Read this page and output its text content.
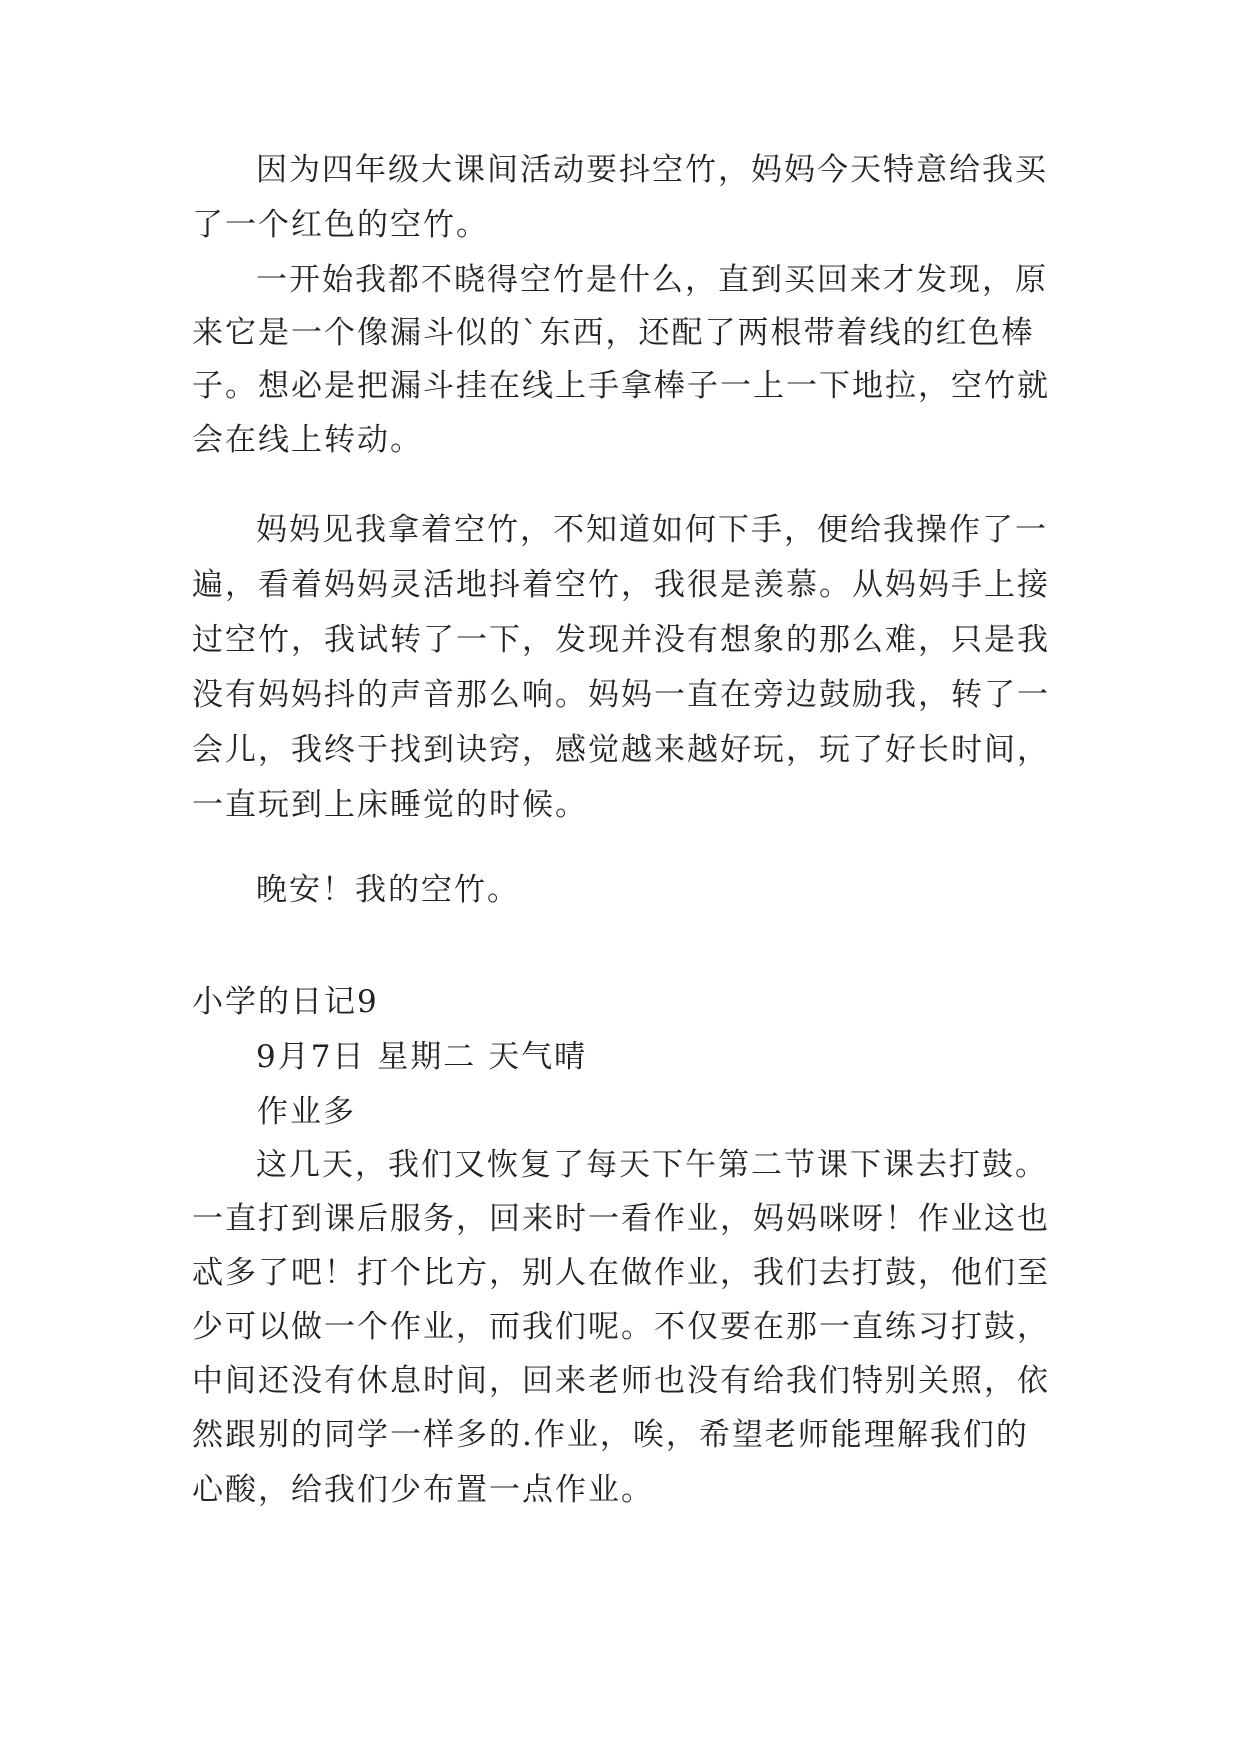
因为四年级大课间活动要抖空竹，妈妈今天特意给我买
了一个红色的空竹。
一开始我都不晓得空竹是什么，直到买回来才发现，原
来它是一个像漏斗似的`东西，还配了两根带着线的红色棒
子。想必是把漏斗挂在线上手拿棒子一上一下地拉，空竹就
会在线上转动。
妈妈见我拿着空竹，不知道如何下手，便给我操作了一
遍，看着妈妈灵活地抖着空竹，我很是羡慕。从妈妈手上接
过空竹，我试转了一下，发现并没有想象的那么难，只是我
没有妈妈抖的声音那么响。妈妈一直在旁边鼓励我，转了一
会儿，我终于找到诀窍，感觉越来越好玩，玩了好长时间，
一直玩到上床睡觉的时候。
晚安！我的空竹。
小学的日记9
9月7日 星期二 天气晴
作业多
这几天，我们又恢复了每天下午第二节课下课去打鼓。
一直打到课后服务，回来时一看作业，妈妈咪呀！作业这也
忒多了吧！打个比方，别人在做作业，我们去打鼓，他们至
少可以做一个作业，而我们呢。不仅要在那一直练习打鼓，
中间还没有休息时间，回来老师也没有给我们特别关照，依
然跟别的同学一样多的.作业，唉，希望老师能理解我们的
心酸，给我们少布置一点作业。
